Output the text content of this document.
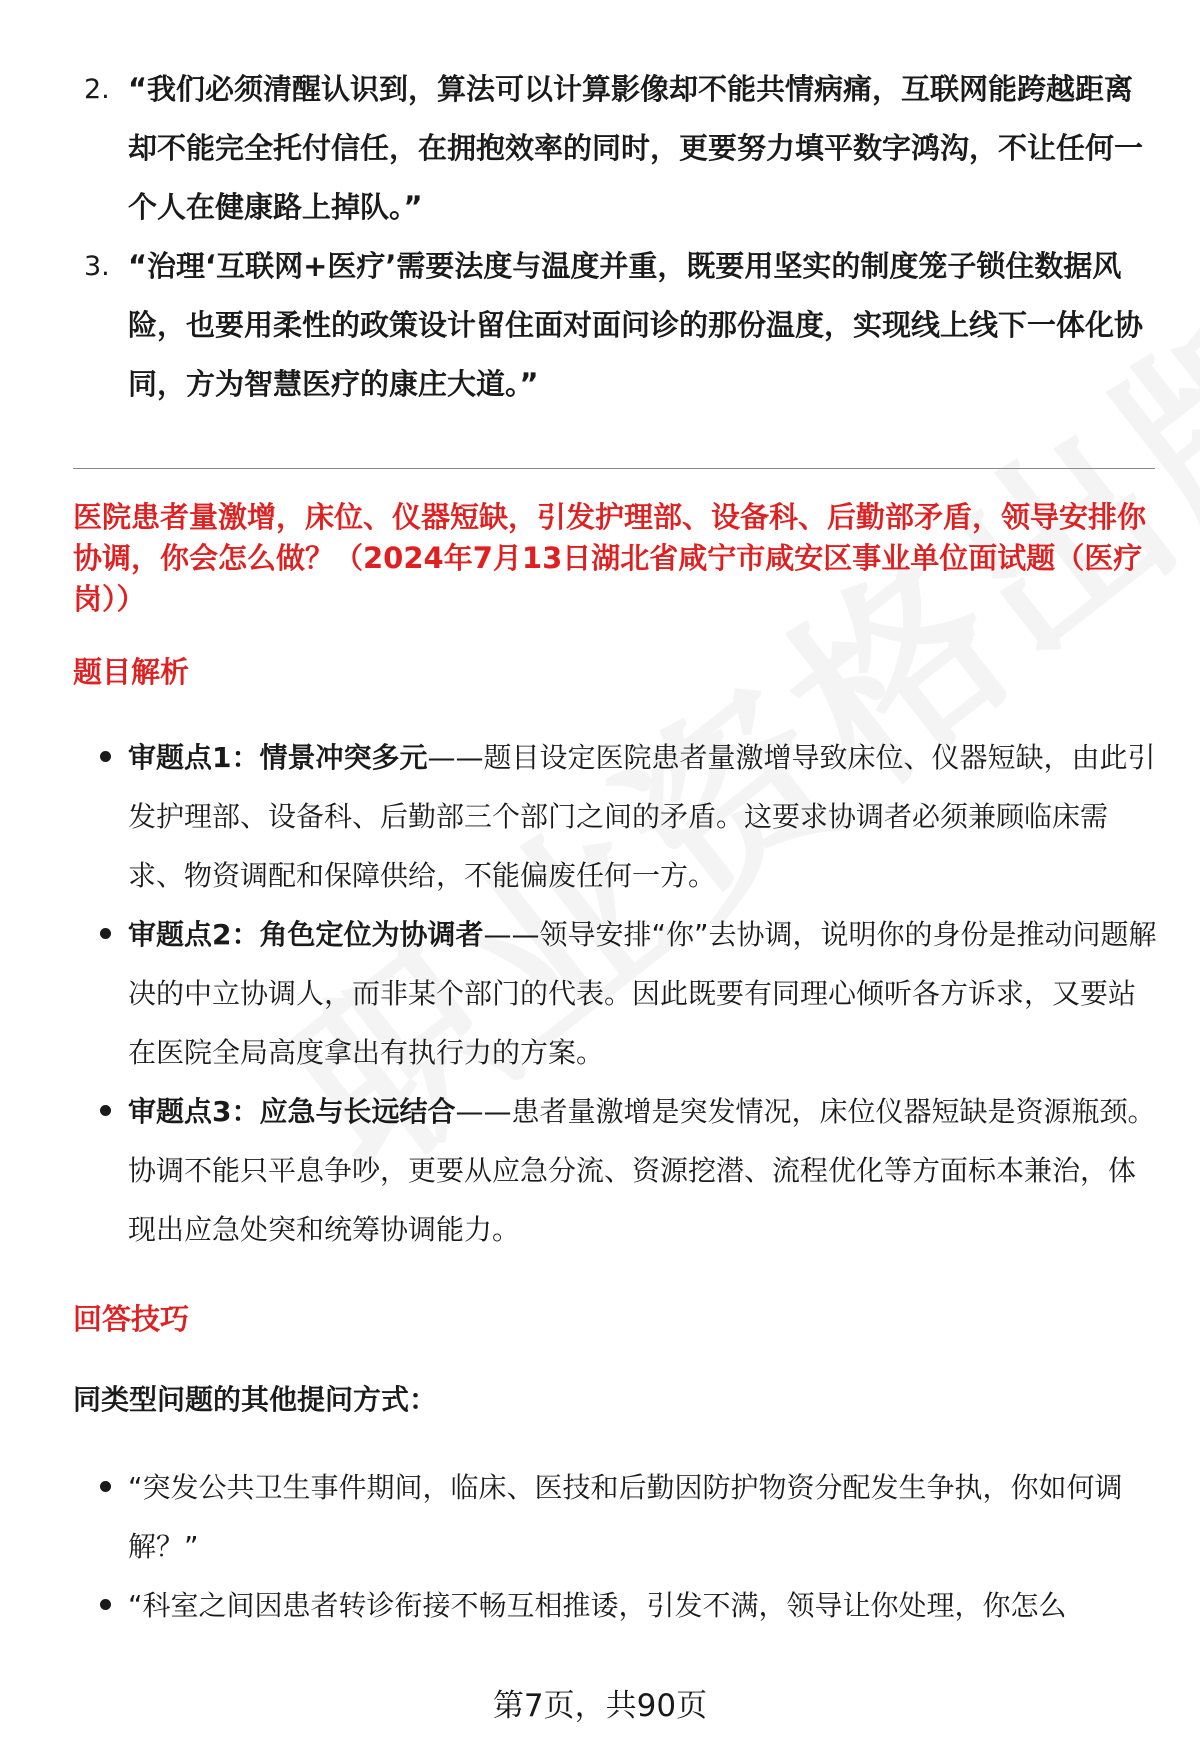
2. “我们必须清醒认识到，算法可以计算影像却不能共情病痛，互联网能跨越距离却不能完全托付信任，在拥抱效率的同时，更要努力填平数字鸿沟，不让任何一个人在健康路上掉队。”
3. “治理‘互联网+医疗’需要法度与温度并重，既要用坚实的制度笼子锁住数据风险，也要用柔性的政策设计留住面对面问诊的那份温度，实现线上线下一体化协同，方为智慧医疗的康庄大道。”
医院患者量激增，床位、仪器短缺，引发护理部、设备科、后勤部矛盾，领导安排你协调，你会怎么做？（2024年7月13日湖北省咸宁市咸安区事业单位面试题（医疗岗））
题目解析
审题点1：情景冲突多元——题目设定医院患者量激增导致床位、仪器短缺，由此引发护理部、设备科、后勤部三个部门之间的矛盾。这要求协调者必须兼顾临床需求、物资调配和保障供给，不能偏废任何一方。
审题点2：角色定位为协调者——领导安排“你”去协调，说明你的身份是推动问题解决的中立协调人，而非某个部门的代表。因此既要有同理心倾听各方诉求，又要站在医院全局高度拿出有执行力的方案。
审题点3：应急与长远结合——患者量激增是突发情况，床位仪器短缺是资源瓶颈。协调不能只平息争吵，更要从应急分流、资源挖潜、流程优化等方面标本兼治，体现出应急处突和统筹协调能力。
回答技巧
同类型问题的其他提问方式：
“突发公共卫生事件期间，临床、医技和后勤因防护物资分配发生争执，你如何调解？”
“科室之间因患者转诊衔接不畅互相推诿，引发不满，领导让你处理，你怎么
第7页，共90页
